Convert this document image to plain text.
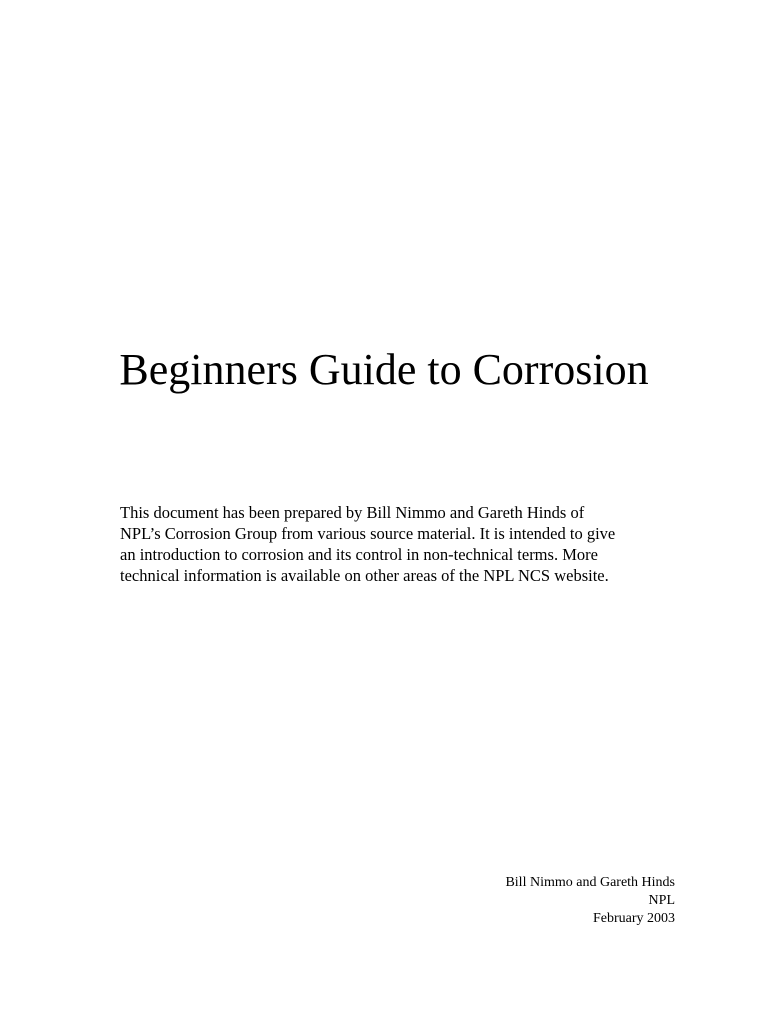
Beginners Guide to Corrosion

This document has been prepared by Bill Nimmo and Gareth Hinds of
NPL’s Corrosion Group from various source material. It is intended to give
an introduction to corrosion and its control in non-technical terms. More
technical information is available on other areas of the NPL NCS website.

Bill Nimmo and Gareth Hinds
NPL
February 2003
